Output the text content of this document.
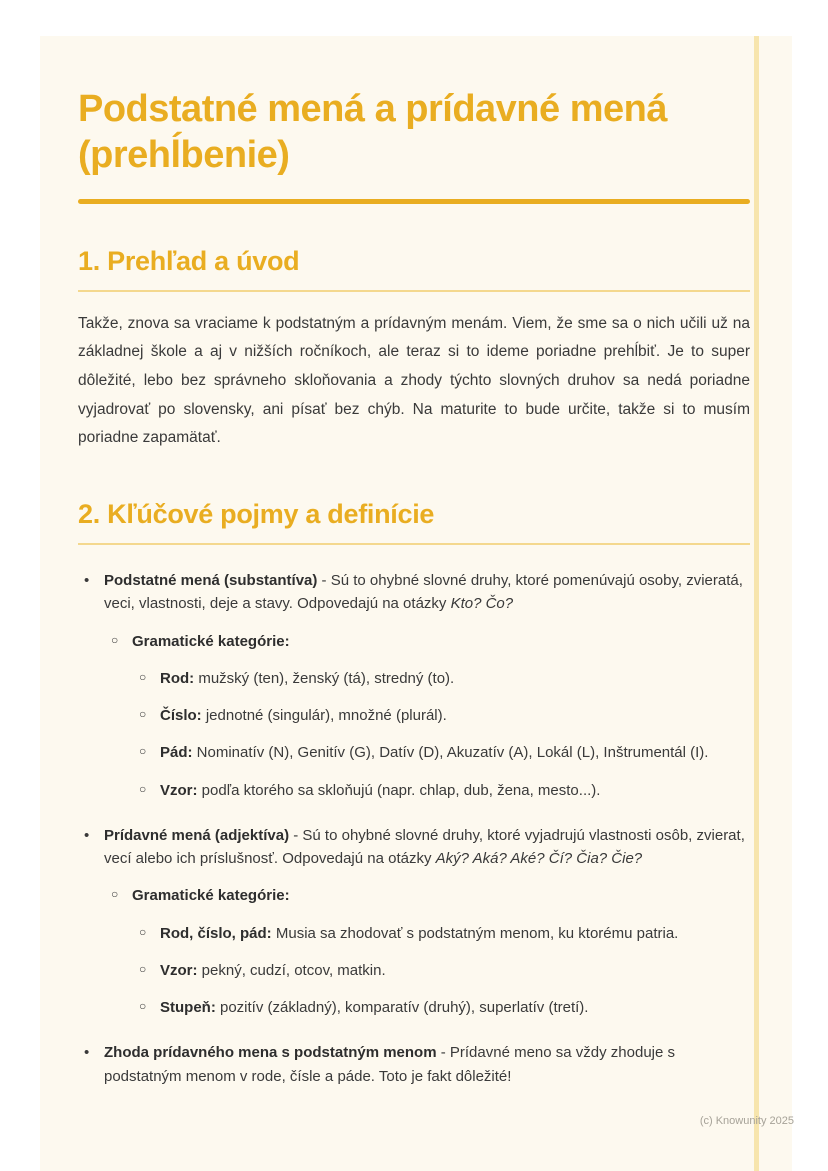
Podstatné mená a prídavné mená (prehĺbenie)
1. Prehľad a úvod

Takže, znova sa vraciame k podstatným a prídavným menám. Viem, že sme sa o nich učili už na základnej škole a aj v nižších ročníkoch, ale teraz si to ideme poriadne prehĺbiť. Je to super dôležité, lebo bez správneho skloňovania a zhody týchto slovných druhov sa nedá poriadne vyjadrovať po slovensky, ani písať bez chýb. Na maturite to bude určite, takže si to musím poriadne zapamätať.

2. Kľúčové pojmy a definície
• Podstatné mená (substantíva) - Sú to ohybné slovné druhy, ktoré pomenúvajú osoby, zvieratá, veci, vlastnosti, deje a stavy. Odpovedajú na otázky Kto? Čo?
○ Gramatické kategórie:
○ Rod: mužský (ten), ženský (tá), stredný (to).
○ Číslo: jednotné (singulár), množné (plurál).
○ Pád: Nominatív (N), Genitív (G), Datív (D), Akuzatív (A), Lokál (L), Inštrumentál (I).
○ Vzor: podľa ktorého sa skloňujú (napr. chlap, dub, žena, mesto...).
• Prídavné mená (adjektíva) - Sú to ohybné slovné druhy, ktoré vyjadrujú vlastnosti osôb, zvierat, vecí alebo ich príslušnosť. Odpovedajú na otázky Aký? Aká? Aké? Čí? Čia? Čie?
○ Gramatické kategórie:
○ Rod, číslo, pád: Musia sa zhodovať s podstatným menom, ku ktorému patria.
○ Vzor: pekný, cudzí, otcov, matkin.
○ Stupeň: pozitív (základný), komparatív (druhý), superlatív (tretí).
• Zhoda prídavného mena s podstatným menom - Prídavné meno sa vždy zhoduje s podstatným menom v rode, čísle a páde. Toto je fakt dôležité!
(c) Knowunity 2025
